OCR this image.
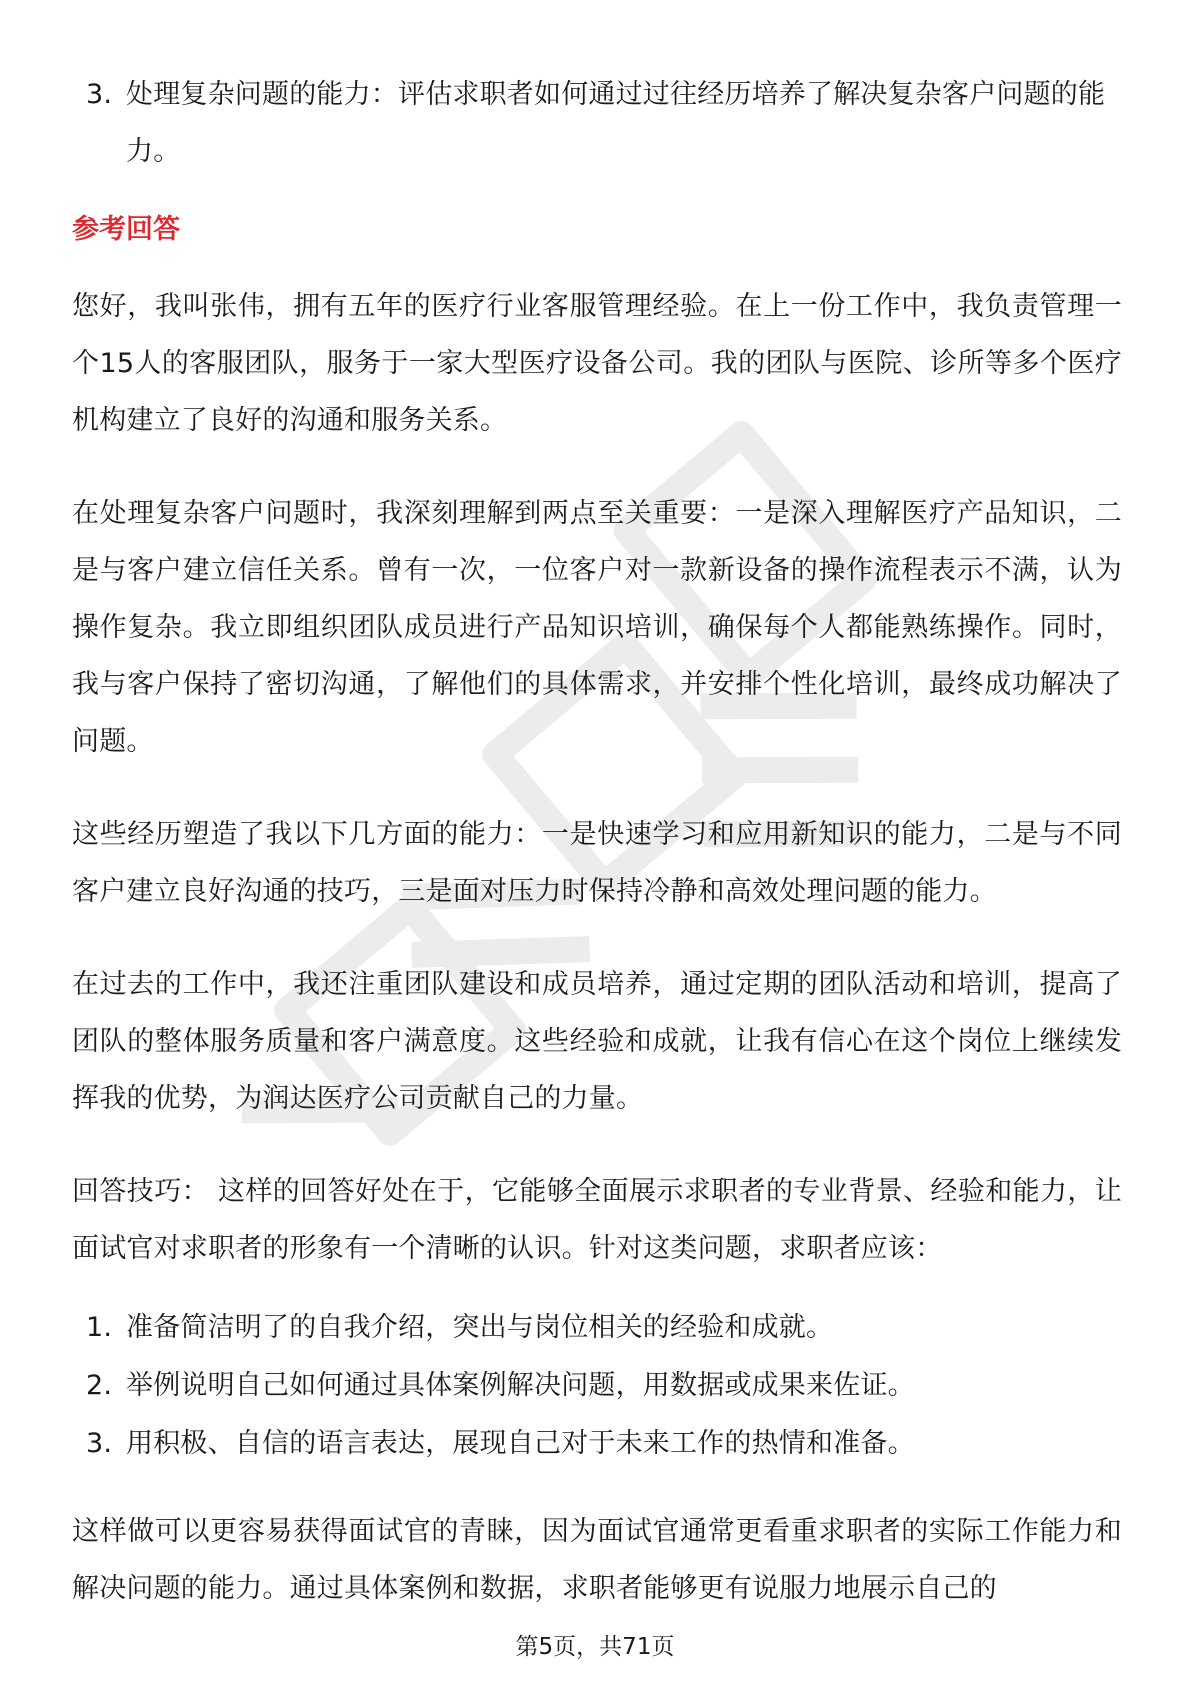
3. 处理复杂问题的能力：评估求职者如何通过过往经历培养了解决复杂客户问题的能力。
参考回答

您好，我叫张伟，拥有五年的医疗行业客服管理经验。在上一份工作中，我负责管理一个15人的客服团队，服务于一家大型医疗设备公司。我的团队与医院、诊所等多个医疗机构建立了良好的沟通和服务关系。

在处理复杂客户问题时，我深刻理解到两点至关重要：一是深入理解医疗产品知识，二是与客户建立信任关系。曾有一次，一位客户对一款新设备的操作流程表示不满，认为操作复杂。我立即组织团队成员进行产品知识培训，确保每个人都能熟练操作。同时，我与客户保持了密切沟通，了解他们的具体需求，并安排个性化培训，最终成功解决了问题。

这些经历塑造了我以下几方面的能力：一是快速学习和应用新知识的能力，二是与不同客户建立良好沟通的技巧，三是面对压力时保持冷静和高效处理问题的能力。

在过去的工作中，我还注重团队建设和成员培养，通过定期的团队活动和培训，提高了团队的整体服务质量和客户满意度。这些经验和成就，让我有信心在这个岗位上继续发挥我的优势，为润达医疗公司贡献自己的力量。

回答技巧： 这样的回答好处在于，它能够全面展示求职者的专业背景、经验和能力，让面试官对求职者的形象有一个清晰的认识。针对这类问题，求职者应该：

1. 准备简洁明了的自我介绍，突出与岗位相关的经验和成就。
2. 举例说明自己如何通过具体案例解决问题，用数据或成果来佐证。
3. 用积极、自信的语言表达，展现自己对于未来工作的热情和准备。

这样做可以更容易获得面试官的青睐，因为面试官通常更看重求职者的实际工作能力和解决问题的能力。通过具体案例和数据，求职者能够更有说服力地展示自己的

第5页，共71页
